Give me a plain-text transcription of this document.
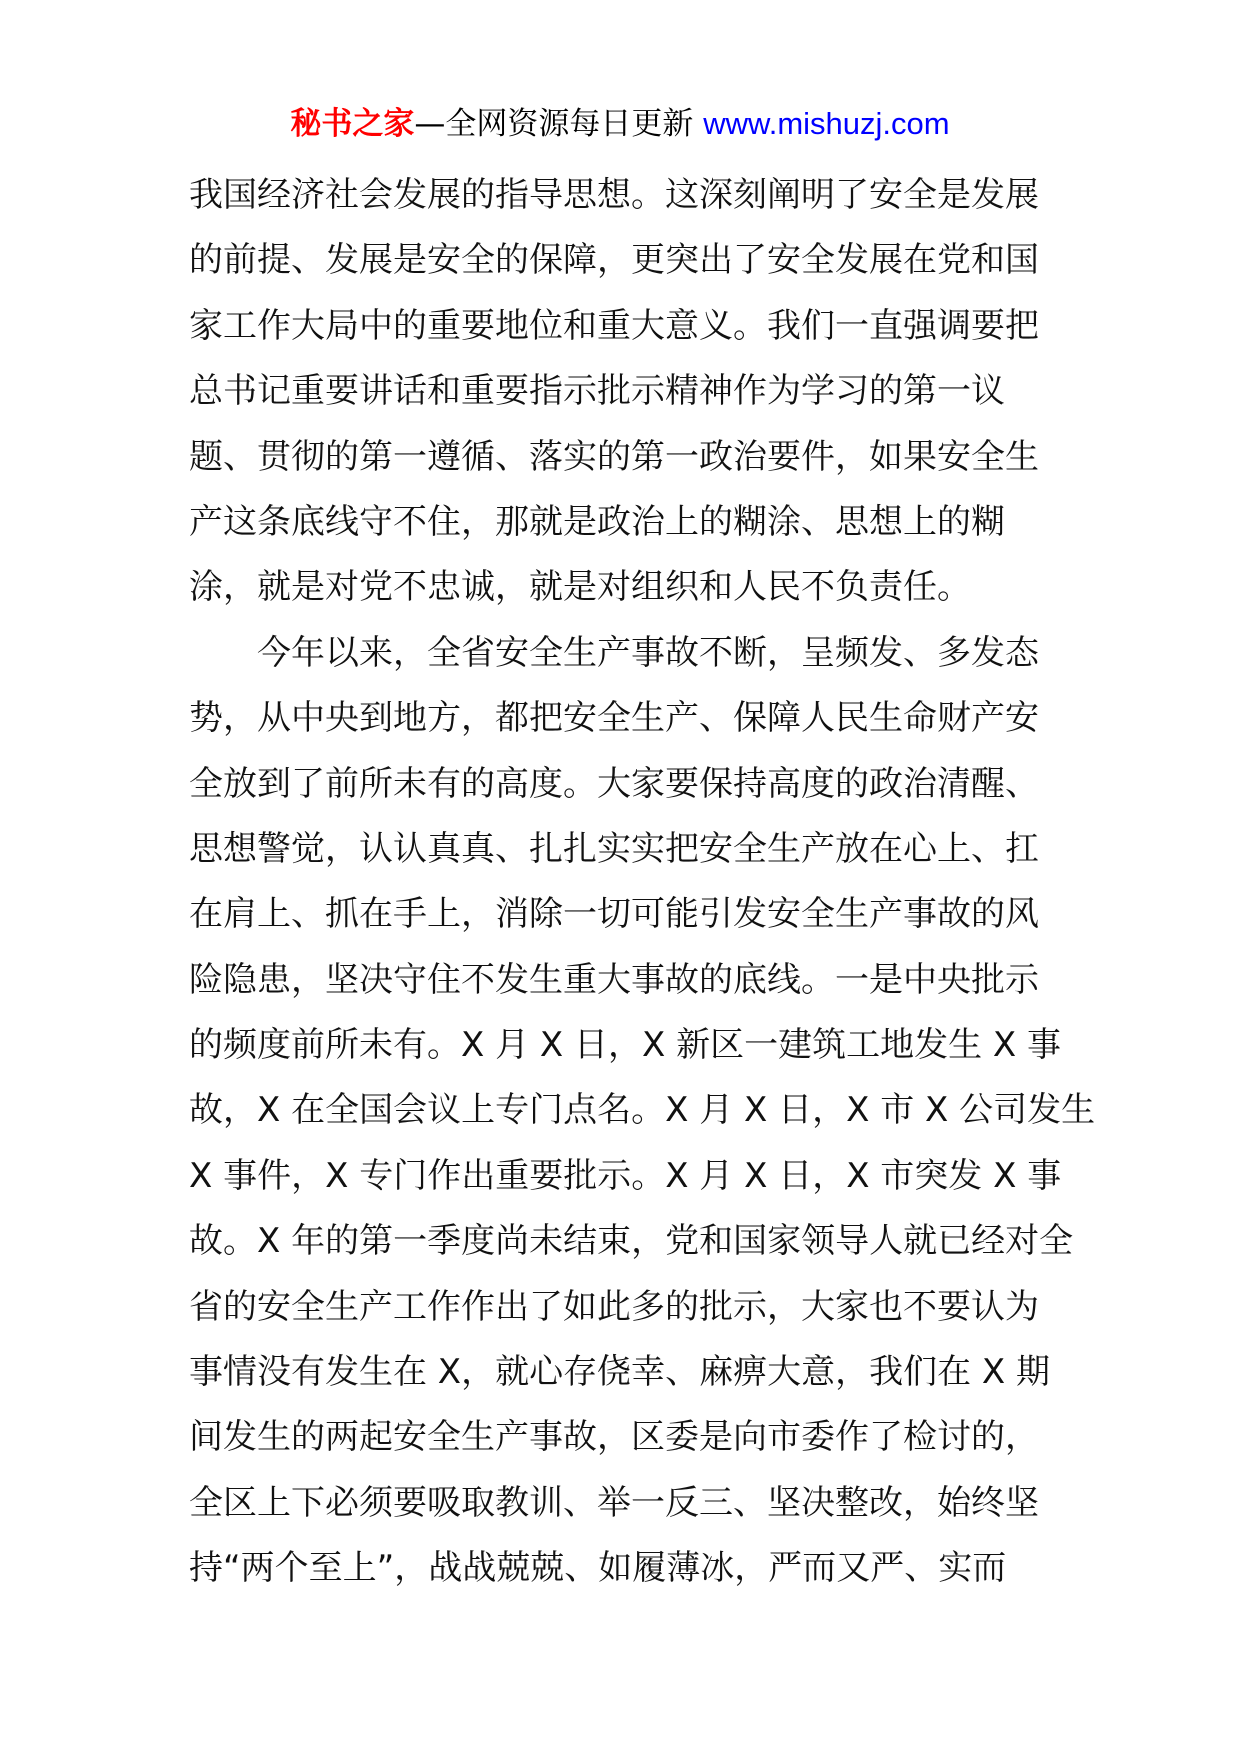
秘书之家—全网资源每日更新 www.mishuzj.com
我国经济社会发展的指导思想。这深刻阐明了安全是发展
的前提、发展是安全的保障，更突出了安全发展在党和国
家工作大局中的重要地位和重大意义。我们一直强调要把
总书记重要讲话和重要指示批示精神作为学习的第一议
题、贯彻的第一遵循、落实的第一政治要件，如果安全生
产这条底线守不住，那就是政治上的糊涂、思想上的糊
涂，就是对党不忠诚，就是对组织和人民不负责任。
今年以来，全省安全生产事故不断，呈频发、多发态
势，从中央到地方，都把安全生产、保障人民生命财产安
全放到了前所未有的高度。大家要保持高度的政治清醒、
思想警觉，认认真真、扎扎实实把安全生产放在心上、扛
在肩上、抓在手上，消除一切可能引发安全生产事故的风
险隐患，坚决守住不发生重大事故的底线。一是中央批示
的频度前所未有。X 月 X 日，X 新区一建筑工地发生 X 事
故，X 在全国会议上专门点名。X 月 X 日，X 市 X 公司发生
X 事件，X 专门作出重要批示。X 月 X 日，X 市突发 X 事
故。X 年的第一季度尚未结束，党和国家领导人就已经对全
省的安全生产工作作出了如此多的批示，大家也不要认为
事情没有发生在 X，就心存侥幸、麻痹大意，我们在 X 期
间发生的两起安全生产事故，区委是向市委作了检讨的，
全区上下必须要吸取教训、举一反三、坚决整改，始终坚
持“两个至上”，战战兢兢、如履薄冰，严而又严、实而
